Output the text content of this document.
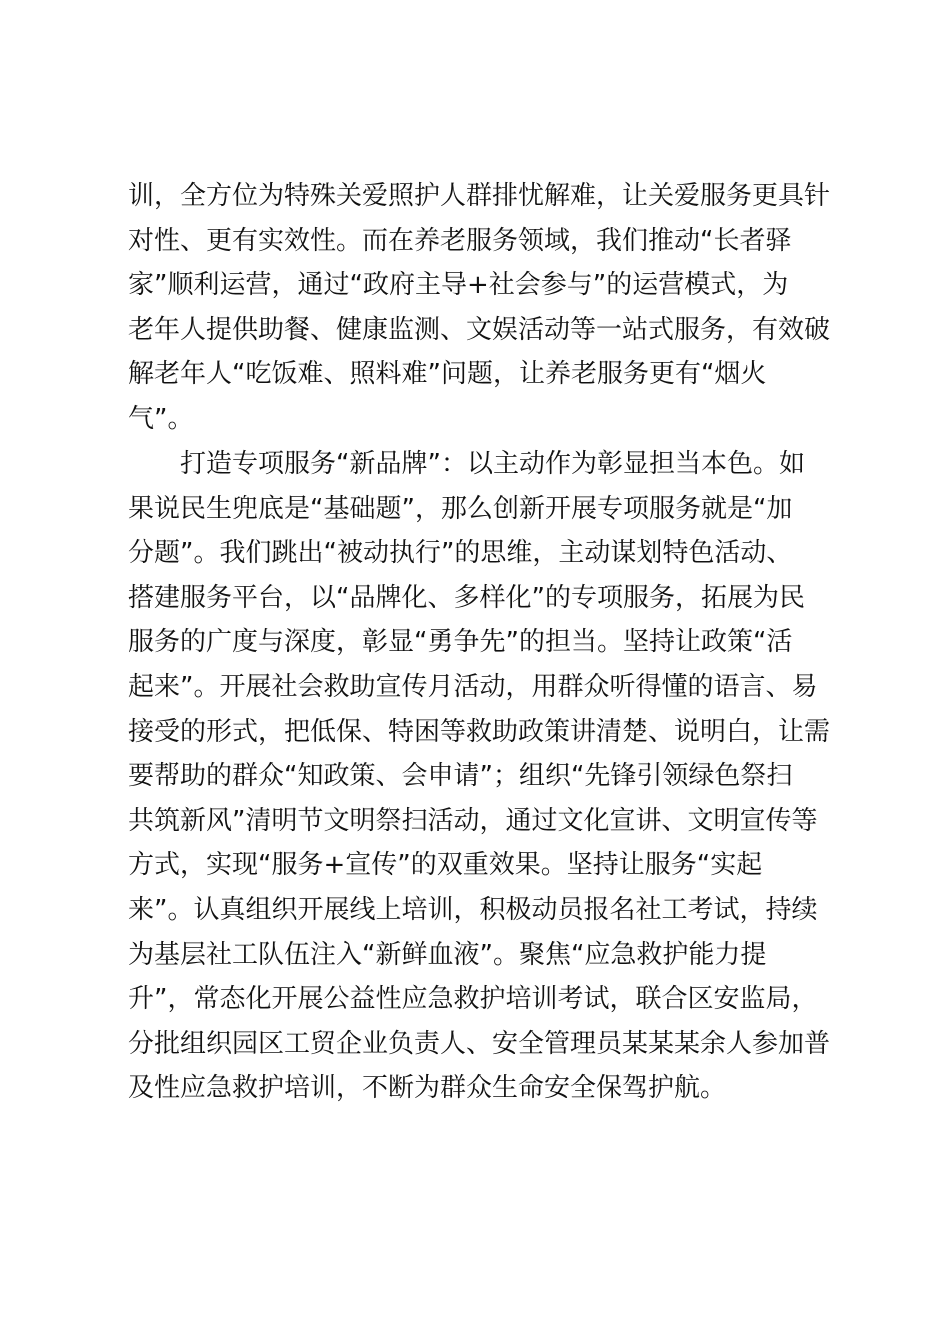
训，全方位为特殊关爱照护人群排忧解难，让关爱服务更具针
对性、更有实效性。而在养老服务领域，我们推动“长者驿
家”顺利运营，通过“政府主导+社会参与”的运营模式，为
老年人提供助餐、健康监测、文娱活动等一站式服务，有效破
解老年人“吃饭难、照料难”问题，让养老服务更有“烟火
气”。
打造专项服务“新品牌”：以主动作为彰显担当本色。如
果说民生兜底是“基础题”，那么创新开展专项服务就是“加
分题”。我们跳出“被动执行”的思维，主动谋划特色活动、
搭建服务平台，以“品牌化、多样化”的专项服务，拓展为民
服务的广度与深度，彰显“勇争先”的担当。坚持让政策“活
起来”。开展社会救助宣传月活动，用群众听得懂的语言、易
接受的形式，把低保、特困等救助政策讲清楚、说明白，让需
要帮助的群众“知政策、会申请”；组织“先锋引领绿色祭扫
共筑新风”清明节文明祭扫活动，通过文化宣讲、文明宣传等
方式，实现“服务+宣传”的双重效果。坚持让服务“实起
来”。认真组织开展线上培训，积极动员报名社工考试，持续
为基层社工队伍注入“新鲜血液”。聚焦“应急救护能力提
升”，常态化开展公益性应急救护培训考试，联合区安监局，
分批组织园区工贸企业负责人、安全管理员某某某余人参加普
及性应急救护培训，不断为群众生命安全保驾护航。
